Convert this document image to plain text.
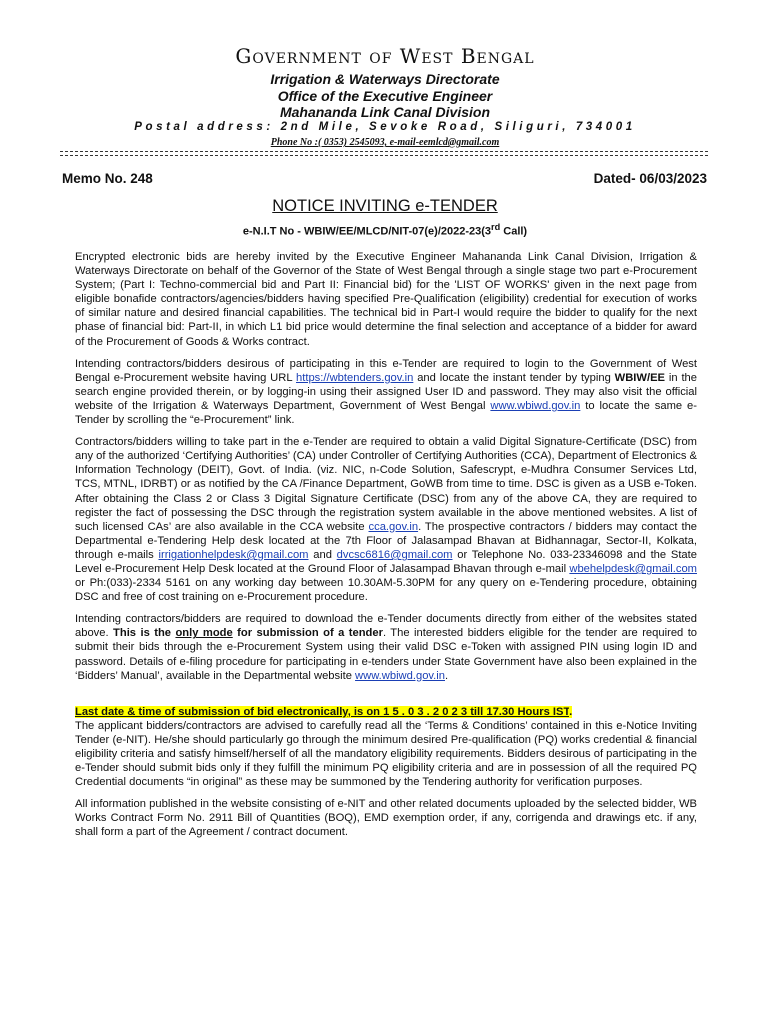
Government of West Bengal
Irrigation & Waterways Directorate
Office of the Executive Engineer
Mahananda Link Canal Division
Postal address: 2nd Mile, Sevoke Road, Siliguri, 734001
Phone No :( 0353) 2545093, e-mail-eemlcd@gmail.com
Memo No. 248	Dated- 06/03/2023
NOTICE INVITING e-TENDER
e-N.I.T No - WBIW/EE/MLCD/NIT-07(e)/2022-23(3rd Call)

Encrypted electronic bids are hereby invited by the Executive Engineer Mahananda Link Canal Division, Irrigation & Waterways Directorate on behalf of the Governor of the State of West Bengal through a single stage two part e-Procurement System; (Part I: Techno-commercial bid and Part II: Financial bid) for the 'LIST OF WORKS' given in the next page from eligible bonafide contractors/agencies/bidders having specified Pre-Qualification (eligibility) credential for execution of works of similar nature and desired financial capabilities. The technical bid in Part-I would require the bidder to qualify for the next phase of financial bid: Part-II, in which L1 bid price would determine the final selection and acceptance of a bidder for award of the Procurement of Goods & Works contract.

Intending contractors/bidders desirous of participating in this e-Tender are required to login to the Government of West Bengal e-Procurement website having URL https://wbtenders.gov.in and locate the instant tender by typing WBIW/EE in the search engine provided therein, or by logging-in using their assigned User ID and password. They may also visit the official website of the Irrigation & Waterways Department, Government of West Bengal www.wbiwd.gov.in to locate the same e-Tender by scrolling the “e-Procurement” link.

Contractors/bidders willing to take part in the e-Tender are required to obtain a valid Digital Signature-Certificate (DSC) from any of the authorized ‘Certifying Authorities’ (CA) under Controller of Certifying Authorities (CCA), Department of Electronics & Information Technology (DEIT), Govt. of India. (viz. NIC, n-Code Solution, Safescrypt, e-Mudhra Consumer Services Ltd, TCS, MTNL, IDRBT) or as notified by the CA /Finance Department, GoWB from time to time. DSC is given as a USB e-Token. After obtaining the Class 2 or Class 3 Digital Signature Certificate (DSC) from any of the above CA, they are required to register the fact of possessing the DSC through the registration system available in the above mentioned websites. A list of such licensed CAs’ are also available in the CCA website cca.gov.in. The prospective contractors / bidders may contact the Departmental e-Tendering Help desk located at the 7th Floor of Jalasampad Bhavan at Bidhannagar, Sector-II, Kolkata, through e-mails irrigationhelpdesk@gmail.com and dvcsc6816@gmail.com or Telephone No. 033-23346098 and the State Level e-Procurement Help Desk located at the Ground Floor of Jalasampad Bhavan through e-mail wbehelpdesk@gmail.com or Ph:(033)-2334 5161 on any working day between 10.30AM-5.30PM for any query on e-Tendering procedure, obtaining DSC and free of cost training on e-Procurement procedure.

Intending contractors/bidders are required to download the e-Tender documents directly from either of the websites stated above. This is the only mode for submission of a tender. The interested bidders eligible for the tender are required to submit their bids through the e-Procurement System using their valid DSC e-Token with assigned PIN using login ID and password. Details of e-filing procedure for participating in e-tenders under State Government have also been explained in the ‘Bidders’ Manual’, available in the Departmental website www.wbiwd.gov.in.

Last date & time of submission of bid electronically, is on 1 5 . 0 3 . 2 0 2 3 till 17.30 Hours IST.
The applicant bidders/contractors are advised to carefully read all the ‘Terms & Conditions’ contained in this e-Notice Inviting Tender (e-NIT). He/she should particularly go through the minimum desired Pre-qualification (PQ) works credential & financial eligibility criteria and satisfy himself/herself of all the mandatory eligibility requirements. Bidders desirous of participating in the e-Tender should submit bids only if they fulfill the minimum PQ eligibility criteria and are in possession of all the required PQ Credential documents “in original” as these may be summoned by the Tendering authority for verification purposes.

All information published in the website consisting of e-NIT and other related documents uploaded by the selected bidder, WB Works Contract Form No. 2911 Bill of Quantities (BOQ), EMD exemption order, if any, corrigenda and drawings etc. if any, shall form a part of the Agreement / contract document.
